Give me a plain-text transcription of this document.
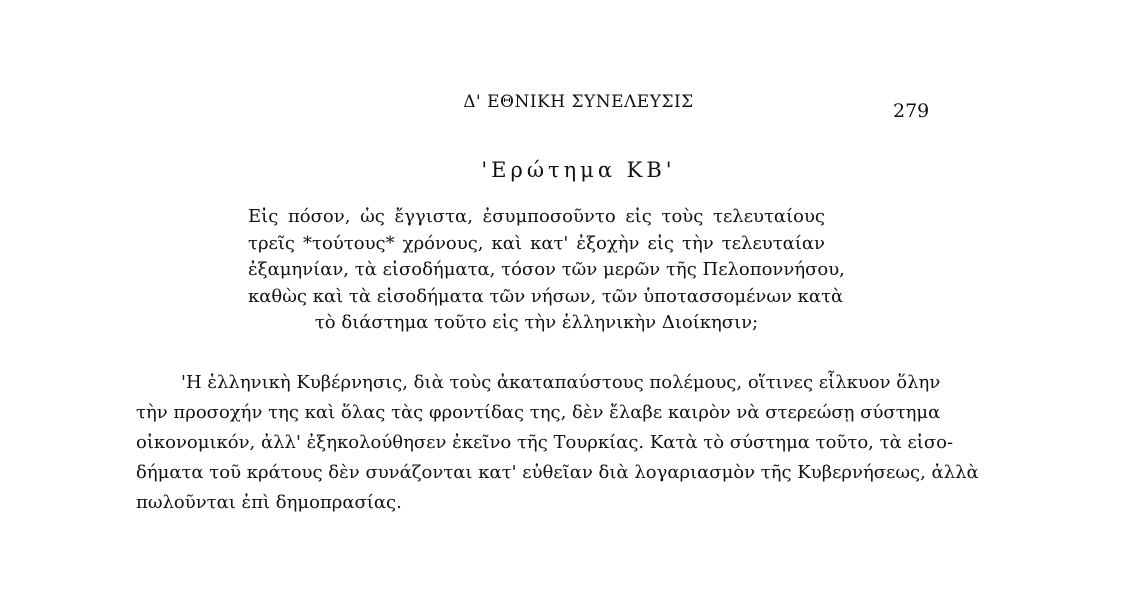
Δ' ΕΘΝΙΚΗ ΣΥΝΕΛΕΥΣΙΣ	279
'Ερώτημα ΚΒ'
Εἰς πόσον, ὡς ἔγγιστα, ἐσυμποσοῦντο εἰς τοὺς τελευταίους
τρεῖς *τούτους* χρόνους, καὶ κατ' ἐξοχὴν εἰς τὴν τελευταίαν
ἐξαμηνίαν, τὰ εἰσοδήματα, τόσον τῶν μερῶν τῆς Πελοποννήσου,
καθὼς καὶ τὰ εἰσοδήματα τῶν νήσων, τῶν ὑποτασσομένων κατὰ
τὸ διάστημα τοῦτο εἰς τὴν ἑλληνικὴν Διοίκησιν;
'Η ἑλληνικὴ Κυβέρνησις, διὰ τοὺς ἀκαταπαύστους πολέμους, οἵτινες εἷλκυον ὅλην
τὴν προσοχήν της καὶ ὅλας τὰς φροντίδας της, δὲν ἔλαβε καιρὸν νὰ στερεώσῃ σύστημα
οἰκονομικόν, ἀλλ' ἐξηκολούθησεν ἐκεῖνο τῆς Τουρκίας. Κατὰ τὸ σύστημα τοῦτο, τὰ εἰσο-
δήματα τοῦ κράτους δὲν συνάζονται κατ' εὐθεῖαν διὰ λογαριασμὸν τῆς Κυβερνήσεως, ἀλλὰ
πωλοῦνται ἐπὶ δημοπρασίας.
